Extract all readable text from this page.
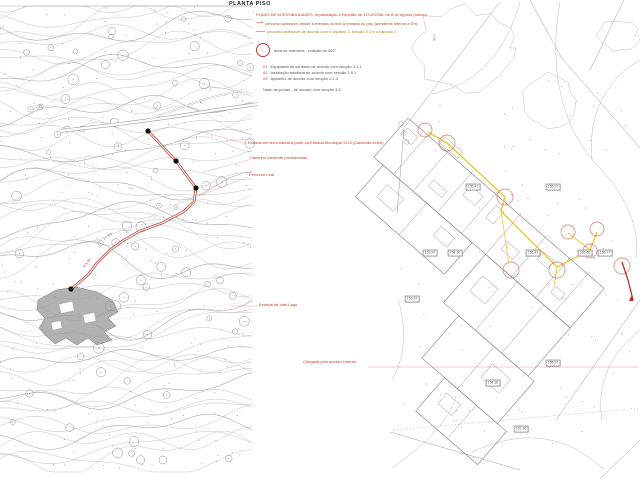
PLANTA PISO
PLANO DE ACESSIBILIDADES: republicação e Revisão de 17/12/2006, de 8 de Agosto (anexo)
⟶ percurso acessível desde a entrada do lote à entrada do piso (pendente inferior a 6%)
percurso acessível de acordo com o capítulo 2, secção 2.1 e o capítulo 4
área de manobra - rotação de 360°
01 Equipamento sanitário de acordo com secção 4.1.1
02 Instalação sanitária de acordo com secção 2.9.1
03 Aparelho de acordo com secção 1.2.3
Nota: as portas - de acordo com secção 4.9
Estrada em terra batida a partir da Estrada Municipal 1015 (Caldeirão velho)
Caminho existente pavimentado
Percurso rural
Estrada de Vale Lago
i = 6%
R 5.00
Chegada pelo acesso exterior
1.45
155.41	155.97
153.97	154.30	155.41	155.60	155.77
155.97
154.30
153.97
151.30
